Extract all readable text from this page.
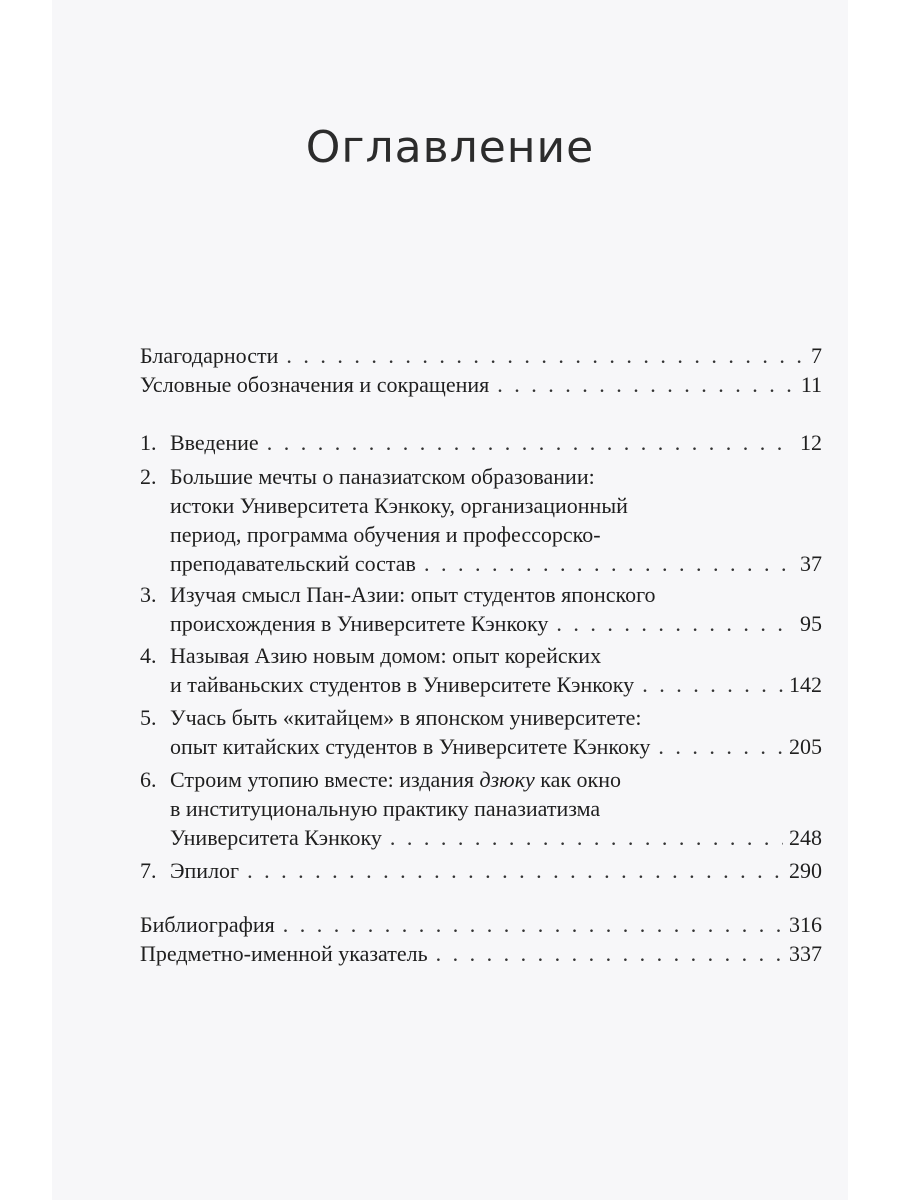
Оглавление
Благодарности . . .	7
Условные обозначения и сокращения . . .	11
1. Введение . . .	12
2. Большие мечты о паназиатском образовании:
истоки Университета Кэнкоку, организационный
период, программа обучения и профессорско-
преподавательский состав . . .	37
3. Изучая смысл Пан-Азии: опыт студентов японского
происхождения в Университете Кэнкоку . . .	95
4. Называя Азию новым домом: опыт корейских
и тайваньских студентов в Университете Кэнкоку . . .	142
5. Учась быть «китайцем» в японском университете:
опыт китайских студентов в Университете Кэнкоку . . .	205
6. Строим утопию вместе: издания дзюку как окно
в институциональную практику паназиатизма
Университета Кэнкоку . . .	248
7. Эпилог . . .	290
Библиография . . .	316
Предметно-именной указатель . . .	337
